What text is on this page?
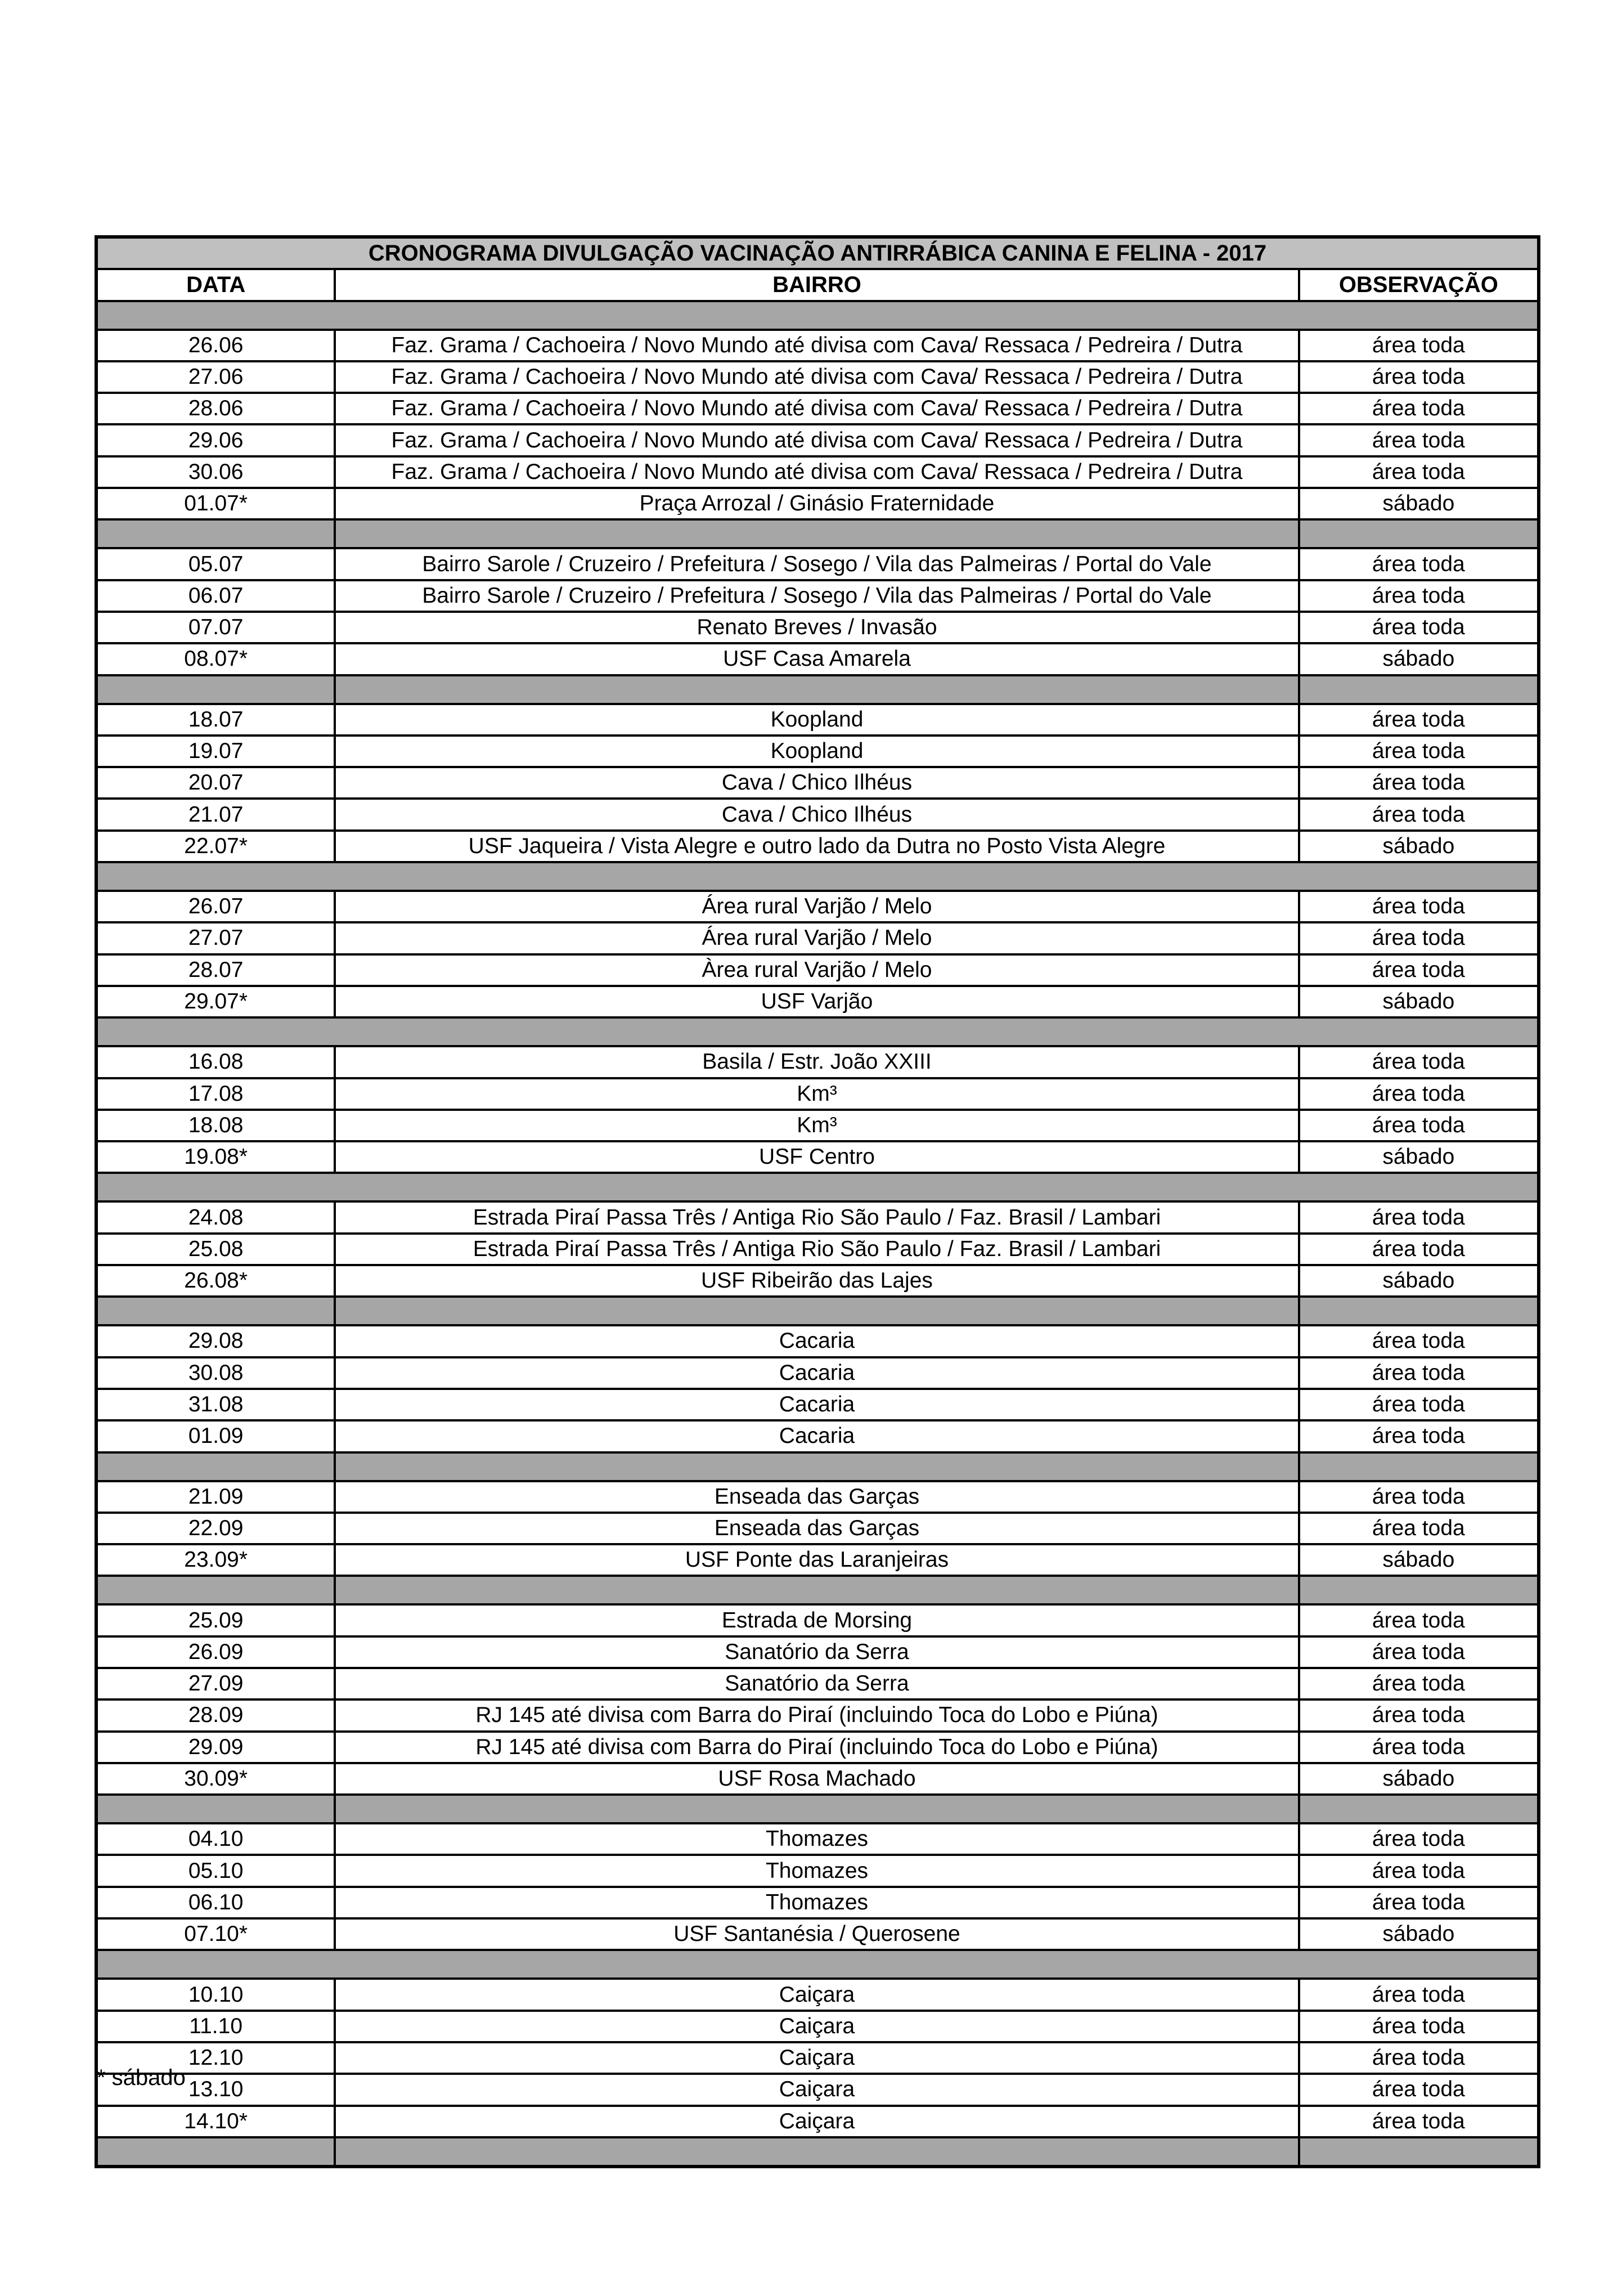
CRONOGRAMA DIVULGAÇÃO VACINAÇÃO ANTIRRÁBICA CANINA E FELINA - 2017		
DATA	BAIRRO	OBSERVAÇÃO

26.06	Faz. Grama / Cachoeira / Novo Mundo até divisa com Cava/ Ressaca / Pedreira / Dutra	área toda
27.06	Faz. Grama / Cachoeira / Novo Mundo até divisa com Cava/ Ressaca / Pedreira / Dutra	área toda
28.06	Faz. Grama / Cachoeira / Novo Mundo até divisa com Cava/ Ressaca / Pedreira / Dutra	área toda
29.06	Faz. Grama / Cachoeira / Novo Mundo até divisa com Cava/ Ressaca / Pedreira / Dutra	área toda
30.06	Faz. Grama / Cachoeira / Novo Mundo até divisa com Cava/ Ressaca / Pedreira / Dutra	área toda
01.07*	Praça Arrozal / Ginásio Fraternidade	sábado

05.07	Bairro Sarole / Cruzeiro / Prefeitura / Sosego / Vila das Palmeiras / Portal do Vale	área toda
06.07	Bairro Sarole / Cruzeiro / Prefeitura / Sosego / Vila das Palmeiras / Portal do Vale	área toda
07.07	Renato Breves / Invasão	área toda
08.07*	USF Casa Amarela	sábado

18.07	Koopland	área toda
19.07	Koopland	área toda
20.07	Cava / Chico Ilhéus	área toda
21.07	Cava / Chico Ilhéus	área toda
22.07*	USF Jaqueira / Vista Alegre e outro lado da Dutra no Posto Vista Alegre	sábado

26.07	Área rural Varjão / Melo	área toda
27.07	Área rural Varjão / Melo	área toda
28.07	Àrea rural Varjão / Melo	área toda
29.07*	USF Varjão	sábado

16.08	Basila / Estr. João XXIII	área toda
17.08	Km³	área toda
18.08	Km³	área toda
19.08*	USF Centro	sábado

24.08	Estrada Piraí Passa Três / Antiga Rio São Paulo / Faz. Brasil / Lambari	área toda
25.08	Estrada Piraí Passa Três / Antiga Rio São Paulo / Faz. Brasil / Lambari	área toda
26.08*	USF Ribeirão das Lajes	sábado

29.08	Cacaria	área toda
30.08	Cacaria	área toda
31.08	Cacaria	área toda
01.09	Cacaria	área toda

21.09	Enseada das Garças	área toda
22.09	Enseada das Garças	área toda
23.09*	USF Ponte das Laranjeiras	sábado

25.09	Estrada de Morsing	área toda
26.09	Sanatório da Serra	área toda
27.09	Sanatório da Serra	área toda
28.09	RJ 145 até divisa com Barra do Piraí (incluindo Toca do Lobo e Piúna)	área toda
29.09	RJ 145 até divisa com Barra do Piraí (incluindo Toca do Lobo e Piúna)	área toda
30.09*	USF Rosa Machado	sábado

04.10	Thomazes	área toda
05.10	Thomazes	área toda
06.10	Thomazes	área toda
07.10*	USF Santanésia / Querosene	sábado

10.10	Caiçara	área toda
11.10	Caiçara	área toda
12.10	Caiçara	área toda
13.10	Caiçara	área toda
14.10*	Caiçara	área toda

* sábado
